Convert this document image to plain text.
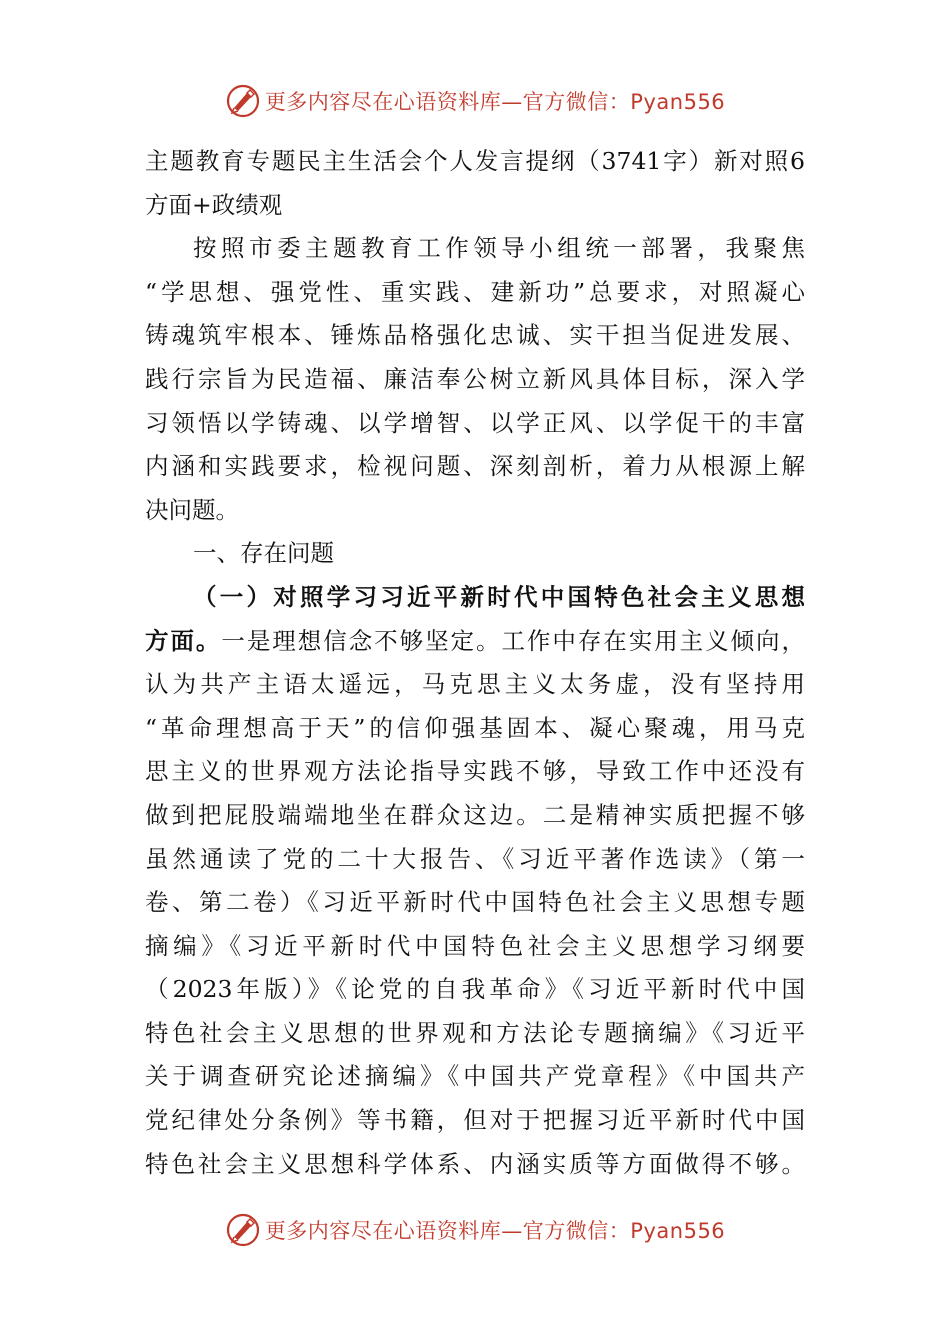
更多内容尽在心语资料库—官方微信：Pyan556
主题教育专题民主生活会个人发言提纲（3741字）新对照6
方面+政绩观
按照市委主题教育工作领导小组统一部署，我聚焦
“学思想、强党性、重实践、建新功”总要求，对照凝心
铸魂筑牢根本、锤炼品格强化忠诚、实干担当促进发展、
践行宗旨为民造福、廉洁奉公树立新风具体目标，深入学
习领悟以学铸魂、以学增智、以学正风、以学促干的丰富
内涵和实践要求，检视问题、深刻剖析，着力从根源上解
决问题。
一、存在问题
（一）对照学习习近平新时代中国特色社会主义思想
方面。一是理想信念不够坚定。工作中存在实用主义倾向，
认为共产主语太遥远，马克思主义太务虚，没有坚持用
“革命理想高于天”的信仰强基固本、凝心聚魂，用马克
思主义的世界观方法论指导实践不够，导致工作中还没有
做到把屁股端端地坐在群众这边。二是精神实质把握不够
虽然通读了党的二十大报告、《习近平著作选读》（第一
卷、第二卷）《习近平新时代中国特色社会主义思想专题
摘编》《习近平新时代中国特色社会主义思想学习纲要
（2023年版）》《论党的自我革命》《习近平新时代中国
特色社会主义思想的世界观和方法论专题摘编》《习近平
关于调查研究论述摘编》《中国共产党章程》《中国共产
党纪律处分条例》等书籍，但对于把握习近平新时代中国
特色社会主义思想科学体系、内涵实质等方面做得不够。
更多内容尽在心语资料库—官方微信：Pyan556
